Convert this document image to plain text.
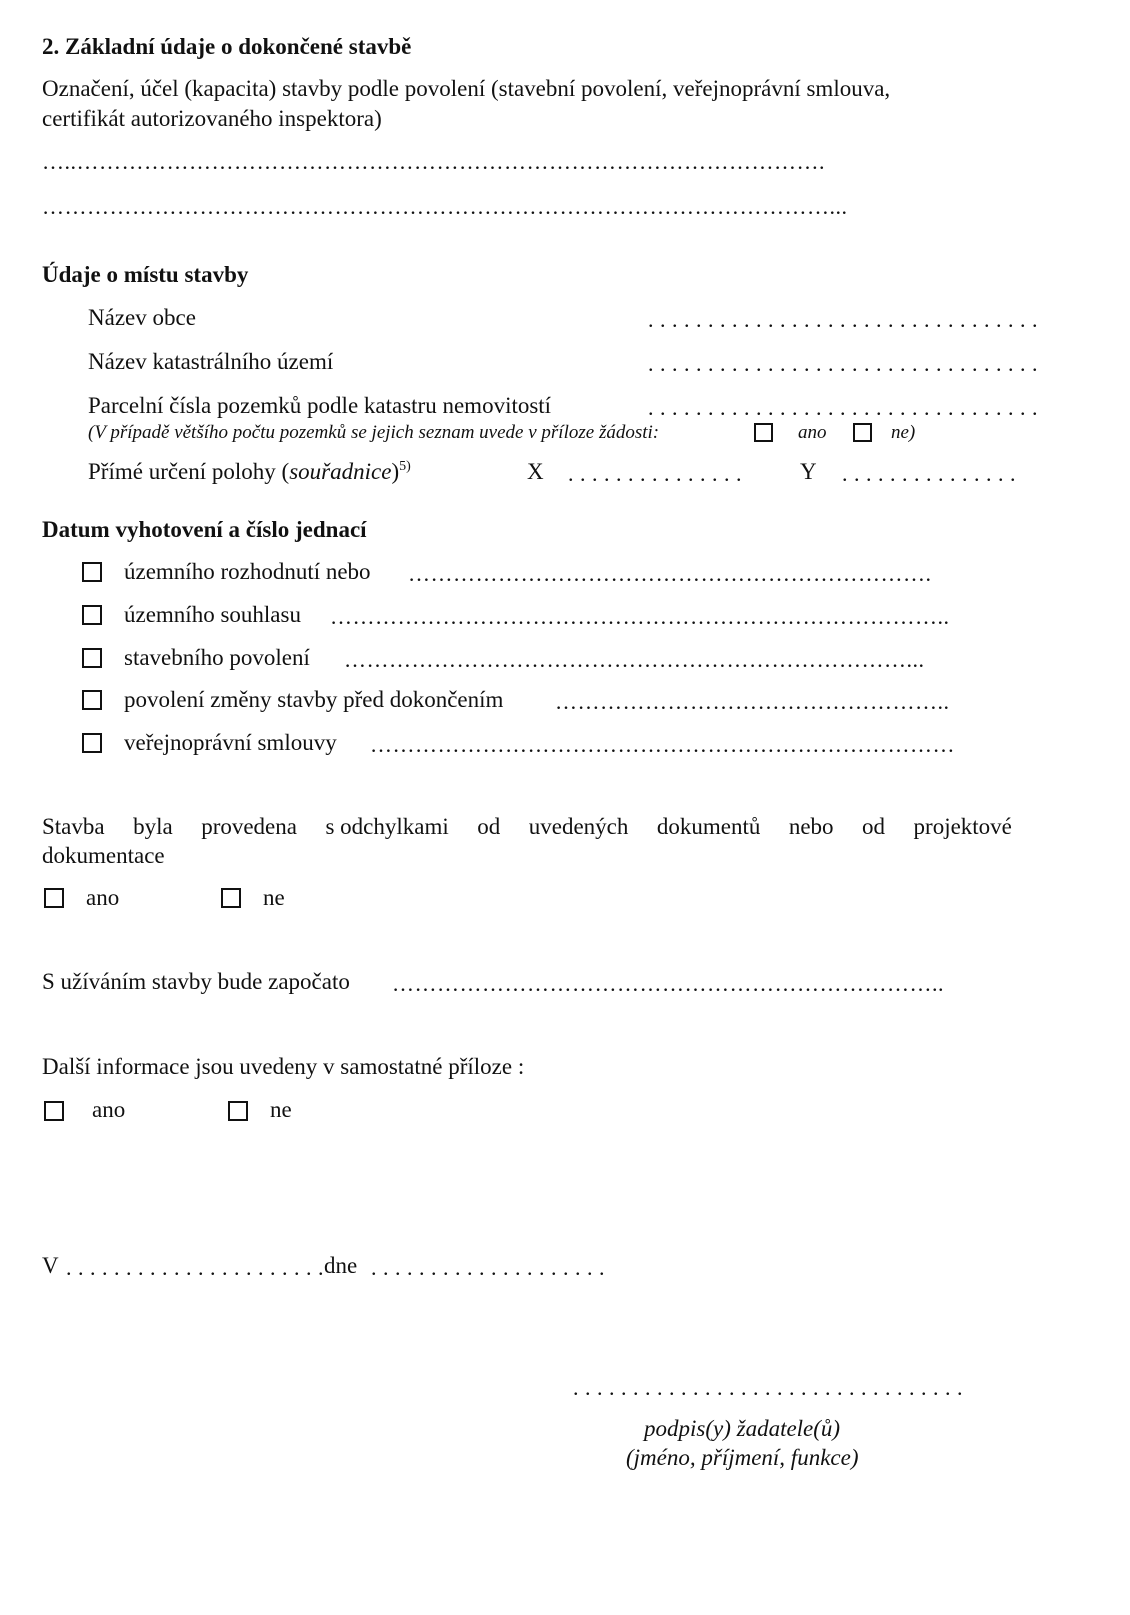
2. Základní údaje o dokončené stavbě
Označení, účel (kapacita) stavby podle povolení (stavební povolení, veřejnoprávní smlouva,
certifikát autorizovaného inspektora)
…..……………………………………………………………………………………….
……………………………………………………………………………………………...
Údaje o místu stavby
Název obce	. . . . . . . . . . . . . . . . . . . . . . . . . . . . . . . . .
Název katastrálního území	. . . . . . . . . . . . . . . . . . . . . . . . . . . . . . . . .
Parcelní čísla pozemků podle katastru nemovitostí	. . . . . . . . . . . . . . . . . . . . . . . . . . . . . . . . .
(V případě většího počtu pozemků se jejich seznam uvede v příloze žádosti:	ano	ne)
Přímé určení polohy (souřadnice)$^{5)}$	X . . . . . . . . . . . . . . .	Y . . . . . . . . . . . . . . .
Datum vyhotovení a číslo jednací
územního rozhodnutí nebo …………………………………………………………….
územního souhlasu ………………………………………………………………………..
stavebního povolení …………………………………………………………………...
povolení změny stavby před dokončením ……………………………………………..
veřejnoprávní smlouvy ……………………………………………………………………
Stavba byla provedena s odchylkami od uvedených dokumentů nebo od projektové
dokumentace
ano	ne
S užíváním stavby bude započato ………………………………………………………………..
Další informace jsou uvedeny v samostatné příloze :
ano	ne
V . . . . . . . . . . . . . . . . . . . . . . dne . . . . . . . . . . . . . . . . . . . .
. . . . . . . . . . . . . . . . . . . . . . . . . . . . . . . . .
podpis(y) žadatele(ů)
(jméno, příjmení, funkce)
